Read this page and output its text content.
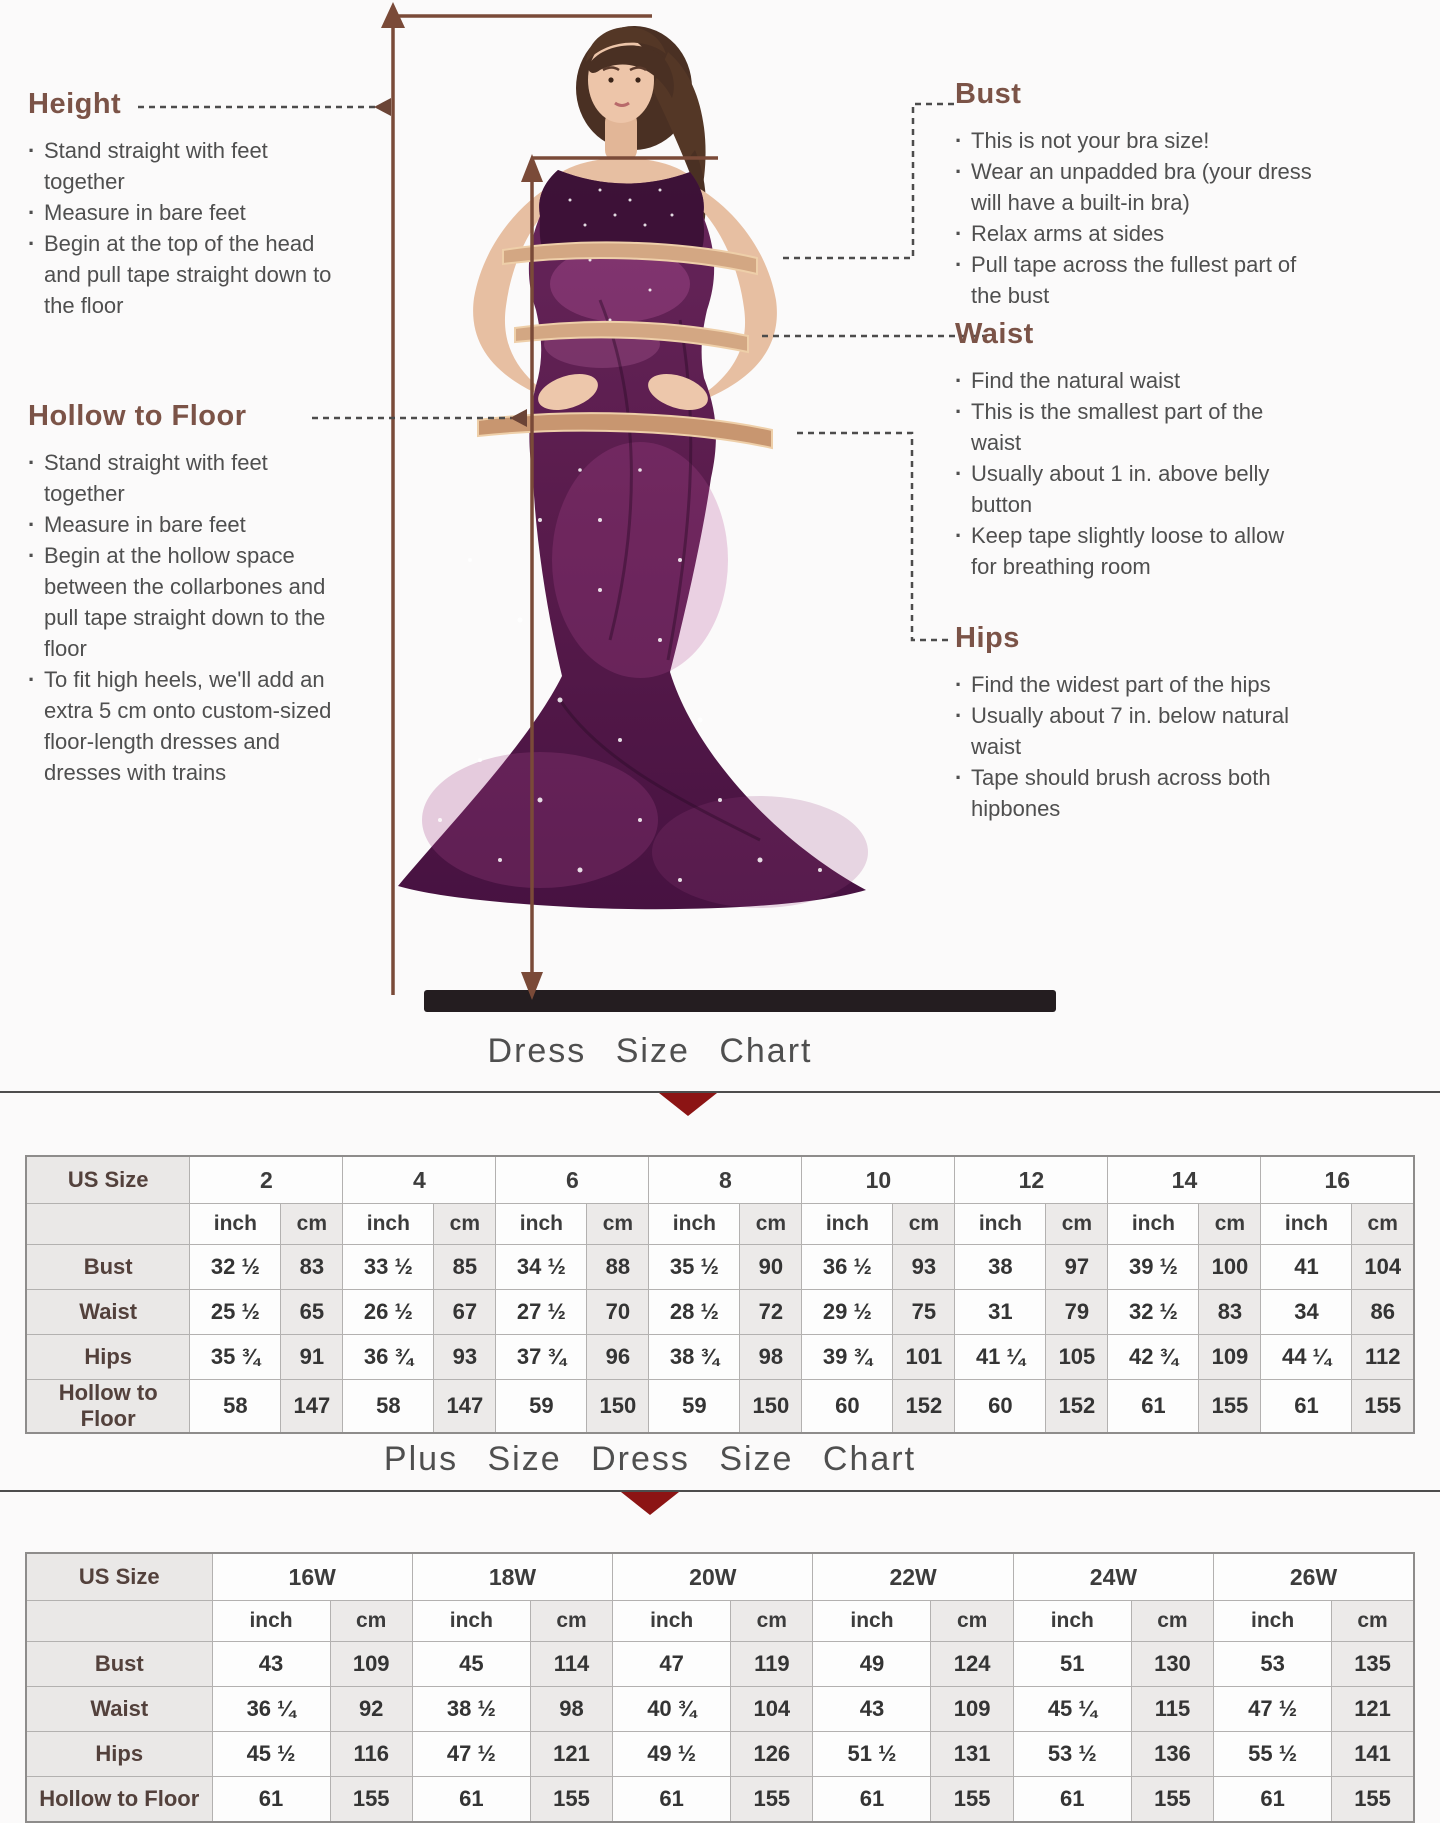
Height
· Stand straight with feet together
· Measure in bare feet
· Begin at the top of the head and pull tape straight down to the floor
Hollow to Floor
· Stand straight with feet together
· Measure in bare feet
· Begin at the hollow space between the collarbones and pull tape straight down to the floor
· To fit high heels, we'll add an extra 5 cm onto custom-sized floor-length dresses and dresses with trains
Bust
· This is not your bra size!
· Wear an unpadded bra (your dress will have a built-in bra)
· Relax arms at sides
· Pull tape across the fullest part of the bust
Waist
· Find the natural waist
· This is the smallest part of the waist
· Usually about 1 in. above belly button
· Keep tape slightly loose to allow for breathing room
Hips
· Find the widest part of the hips
· Usually about 7 in. below natural waist
· Tape should brush across both hipbones
Dress Size Chart
US Size	2		4		6		8		10		12		14		16	
	inch	cm	inch	cm	inch	cm	inch	cm	inch	cm	inch	cm	inch	cm	inch	cm
Bust	32 ½	83	33 ½	85	34 ½	88	35 ½	90	36 ½	93	38	97	39 ½	100	41	104
Waist	25 ½	65	26 ½	67	27 ½	70	28 ½	72	29 ½	75	31	79	32 ½	83	34	86
Hips	35 ¾	91	36 ¾	93	37 ¾	96	38 ¾	98	39 ¾	101	41 ¼	105	42 ¾	109	44 ¼	112
Hollow to Floor	58	147	58	147	59	150	59	150	60	152	60	152	61	155	61	155
Plus Size Dress Size Chart
US Size	16W		18W		20W		22W		24W		26W	
	inch	cm	inch	cm	inch	cm	inch	cm	inch	cm	inch	cm
Bust	43	109	45	114	47	119	49	124	51	130	53	135
Waist	36 ¼	92	38 ½	98	40 ¾	104	43	109	45 ¼	115	47 ½	121
Hips	45 ½	116	47 ½	121	49 ½	126	51 ½	131	53 ½	136	55 ½	141
Hollow to Floor	61	155	61	155	61	155	61	155	61	155	61	155
